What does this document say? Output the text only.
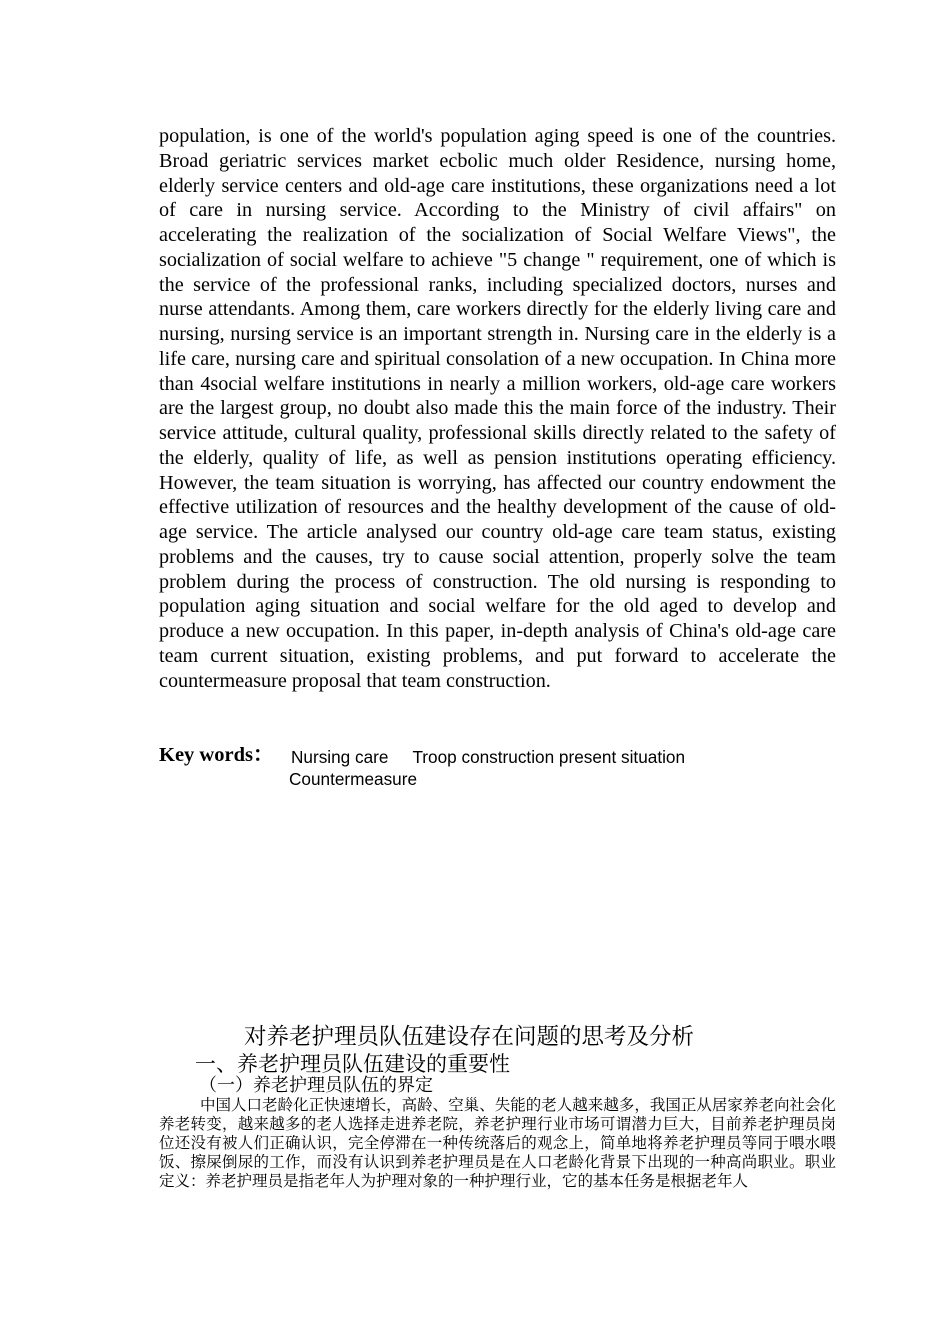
population, is one of the world's population aging speed is one of the countries. Broad geriatric services market ecbolic much older Residence, nursing home, elderly service centers and old-age care institutions, these organizations need a lot of care in nursing service. According to the Ministry of civil affairs" on accelerating the realization of the socialization of Social Welfare Views", the socialization of social welfare to achieve "5 change " requirement, one of which is the service of the professional ranks, including specialized doctors, nurses and nurse attendants. Among them, care workers directly for the elderly living care and nursing, nursing service is an important strength in. Nursing care in the elderly is a life care, nursing care and spiritual consolation of a new occupation. In China more than 4social welfare institutions in nearly a million workers, old-age care workers are the largest group, no doubt also made this the main force of the industry. Their service attitude, cultural quality, professional skills directly related to the safety of the elderly, quality of life, as well as pension institutions operating efficiency. However, the team situation is worrying, has affected our country endowment the effective utilization of resources and the healthy development of the cause of old-age service. The article analysed our country old-age care team status, existing problems and the causes, try to cause social attention, properly solve the team problem during the process of construction. The old nursing is responding to population aging situation and social welfare for the old aged to develop and produce a new occupation. In this paper, in-depth analysis of China's old-age care team current situation, existing problems, and put forward to accelerate the countermeasure proposal that team construction.

Key words： Nursing care Troop construction present situationCountermeasure
对养老护理员队伍建设存在问题的思考及分析
一、养老护理员队伍建设的重要性
（一）养老护理员队伍的界定

中国人口老龄化正快速增长，高龄、空巢、失能的老人越来越多，我国正从居家养老向社会化养老转变，越来越多的老人选择走进养老院，养老护理行业市场可谓潜力巨大，目前养老护理员岗位还没有被人们正确认识，完全停滞在一种传统落后的观念上，简单地将养老护理员等同于喂水喂饭、擦屎倒尿的工作，而没有认识到养老护理员是在人口老龄化背景下出现的一种高尚职业。职业定义：养老护理员是指老年人为护理对象的一种护理行业，它的基本任务是根据老年人
